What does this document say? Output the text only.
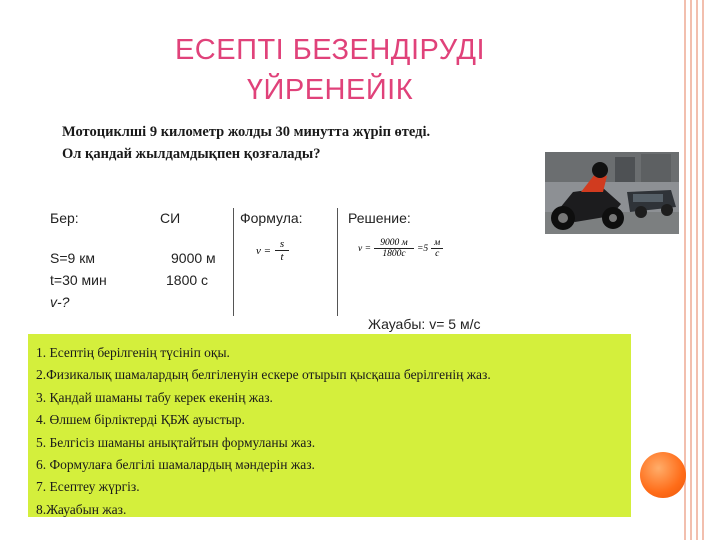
ЕСЕПТІ БЕЗЕНДІРУДІ
ҮЙРЕНЕЙІК
Мотоциклші 9 километр жолды 30 минутта жүріп өтеді.
Ол қандай жылдамдықпен қозғалады?
Бер:
S=9 км
t=30 мин
v-?
СИ
9000 м
1800 с
Формула:	Решение:
v =
s
t
v =
9000 м
1800с
=5
м
с
Жауабы: v= 5 м/с
1. Есептің берілгенің түсініп оқы.
2.Физикалық шамалардың белгіленуін ескере отырып қысқаша берілгенің жаз.
3. Қандай шаманы табу керек екенің жаз.
4. Өлшем бірліктерді ҚБЖ ауыстыр.
5. Белгісіз шаманы анықтайтын формуланы жаз.
6. Формулаға белгілі шамалардың мәндерін жаз.
7. Есептеу жүргіз.
8.Жауабын жаз.
